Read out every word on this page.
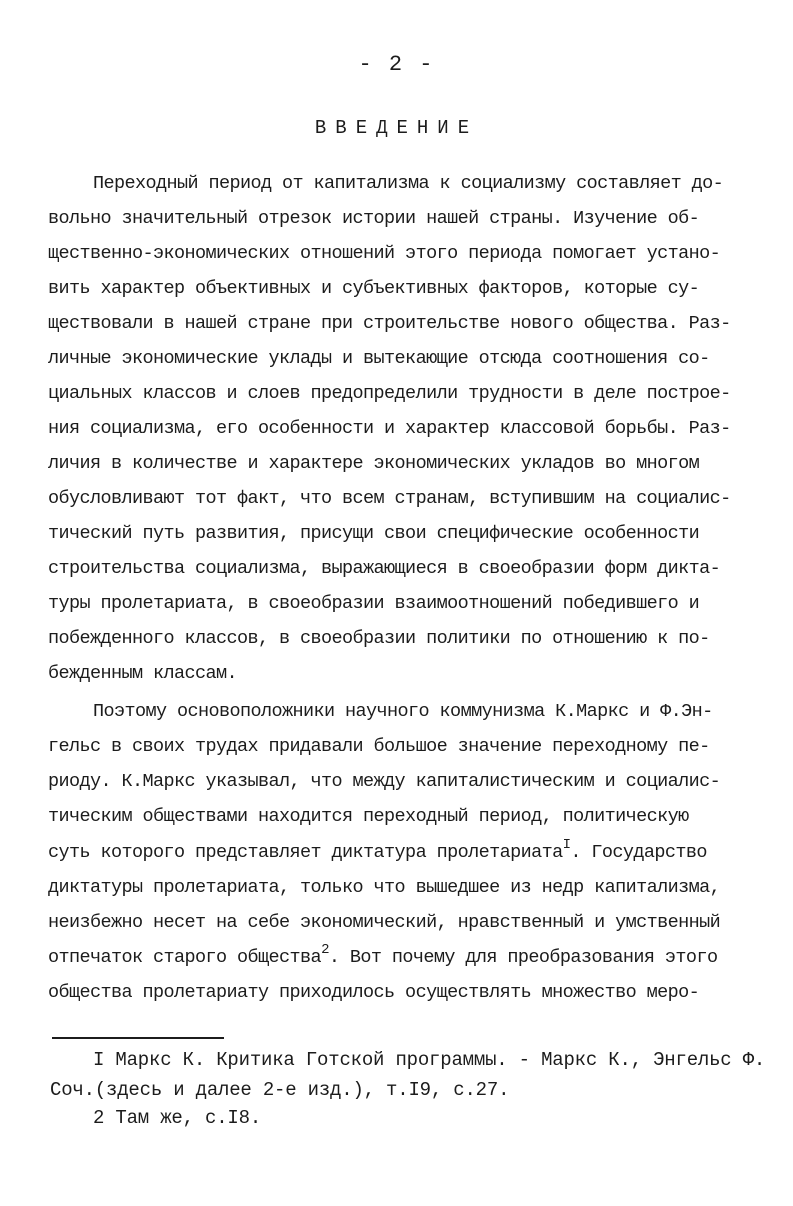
- 2 -
ВВЕДЕНИЕ
Переходный период от капитализма к социализму составляет до-
вольно значительный отрезок истории нашей страны. Изучение об-
щественно-экономических отношений этого периода помогает устано-
вить характер объективных и субъективных факторов, которые су-
ществовали в нашей стране при строительстве нового общества. Раз-
личные экономические уклады и вытекающие отсюда соотношения со-
циальных классов и слоев предопределили трудности в деле построе-
ния социализма, его особенности и характер классовой борьбы. Раз-
личия в количестве и характере экономических укладов во многом
обусловливают тот факт, что всем странам, вступившим на социалис-
тический путь развития, присущи свои специфические особенности
строительства социализма, выражающиеся в своеобразии форм дикта-
туры пролетариата, в своеобразии взаимоотношений победившего и
побежденного классов, в своеобразии политики по отношению к по-
бежденным классам.
Поэтому основоположники научного коммунизма К.Маркс и Ф.Эн-
гельс в своих трудах придавали большое значение переходному пе-
риоду. К.Маркс указывал, что между капиталистическим и социалис-
тическим обществами находится переходный период, политическую
суть которого представляет диктатура пролетариата$^I$. Государство
диктатуры пролетариата, только что вышедшее из недр капитализма,
неизбежно несет на себе экономический, нравственный и умственный
отпечаток старого общества$^2$. Вот почему для преобразования этого
общества пролетариату приходилось осуществлять множество меро-
I Маркс К. Критика Готской программы. - Маркс К., Энгельс Ф.
Соч.(здесь и далее 2-е изд.), т.I9, с.27.
2 Там же, с.I8.
